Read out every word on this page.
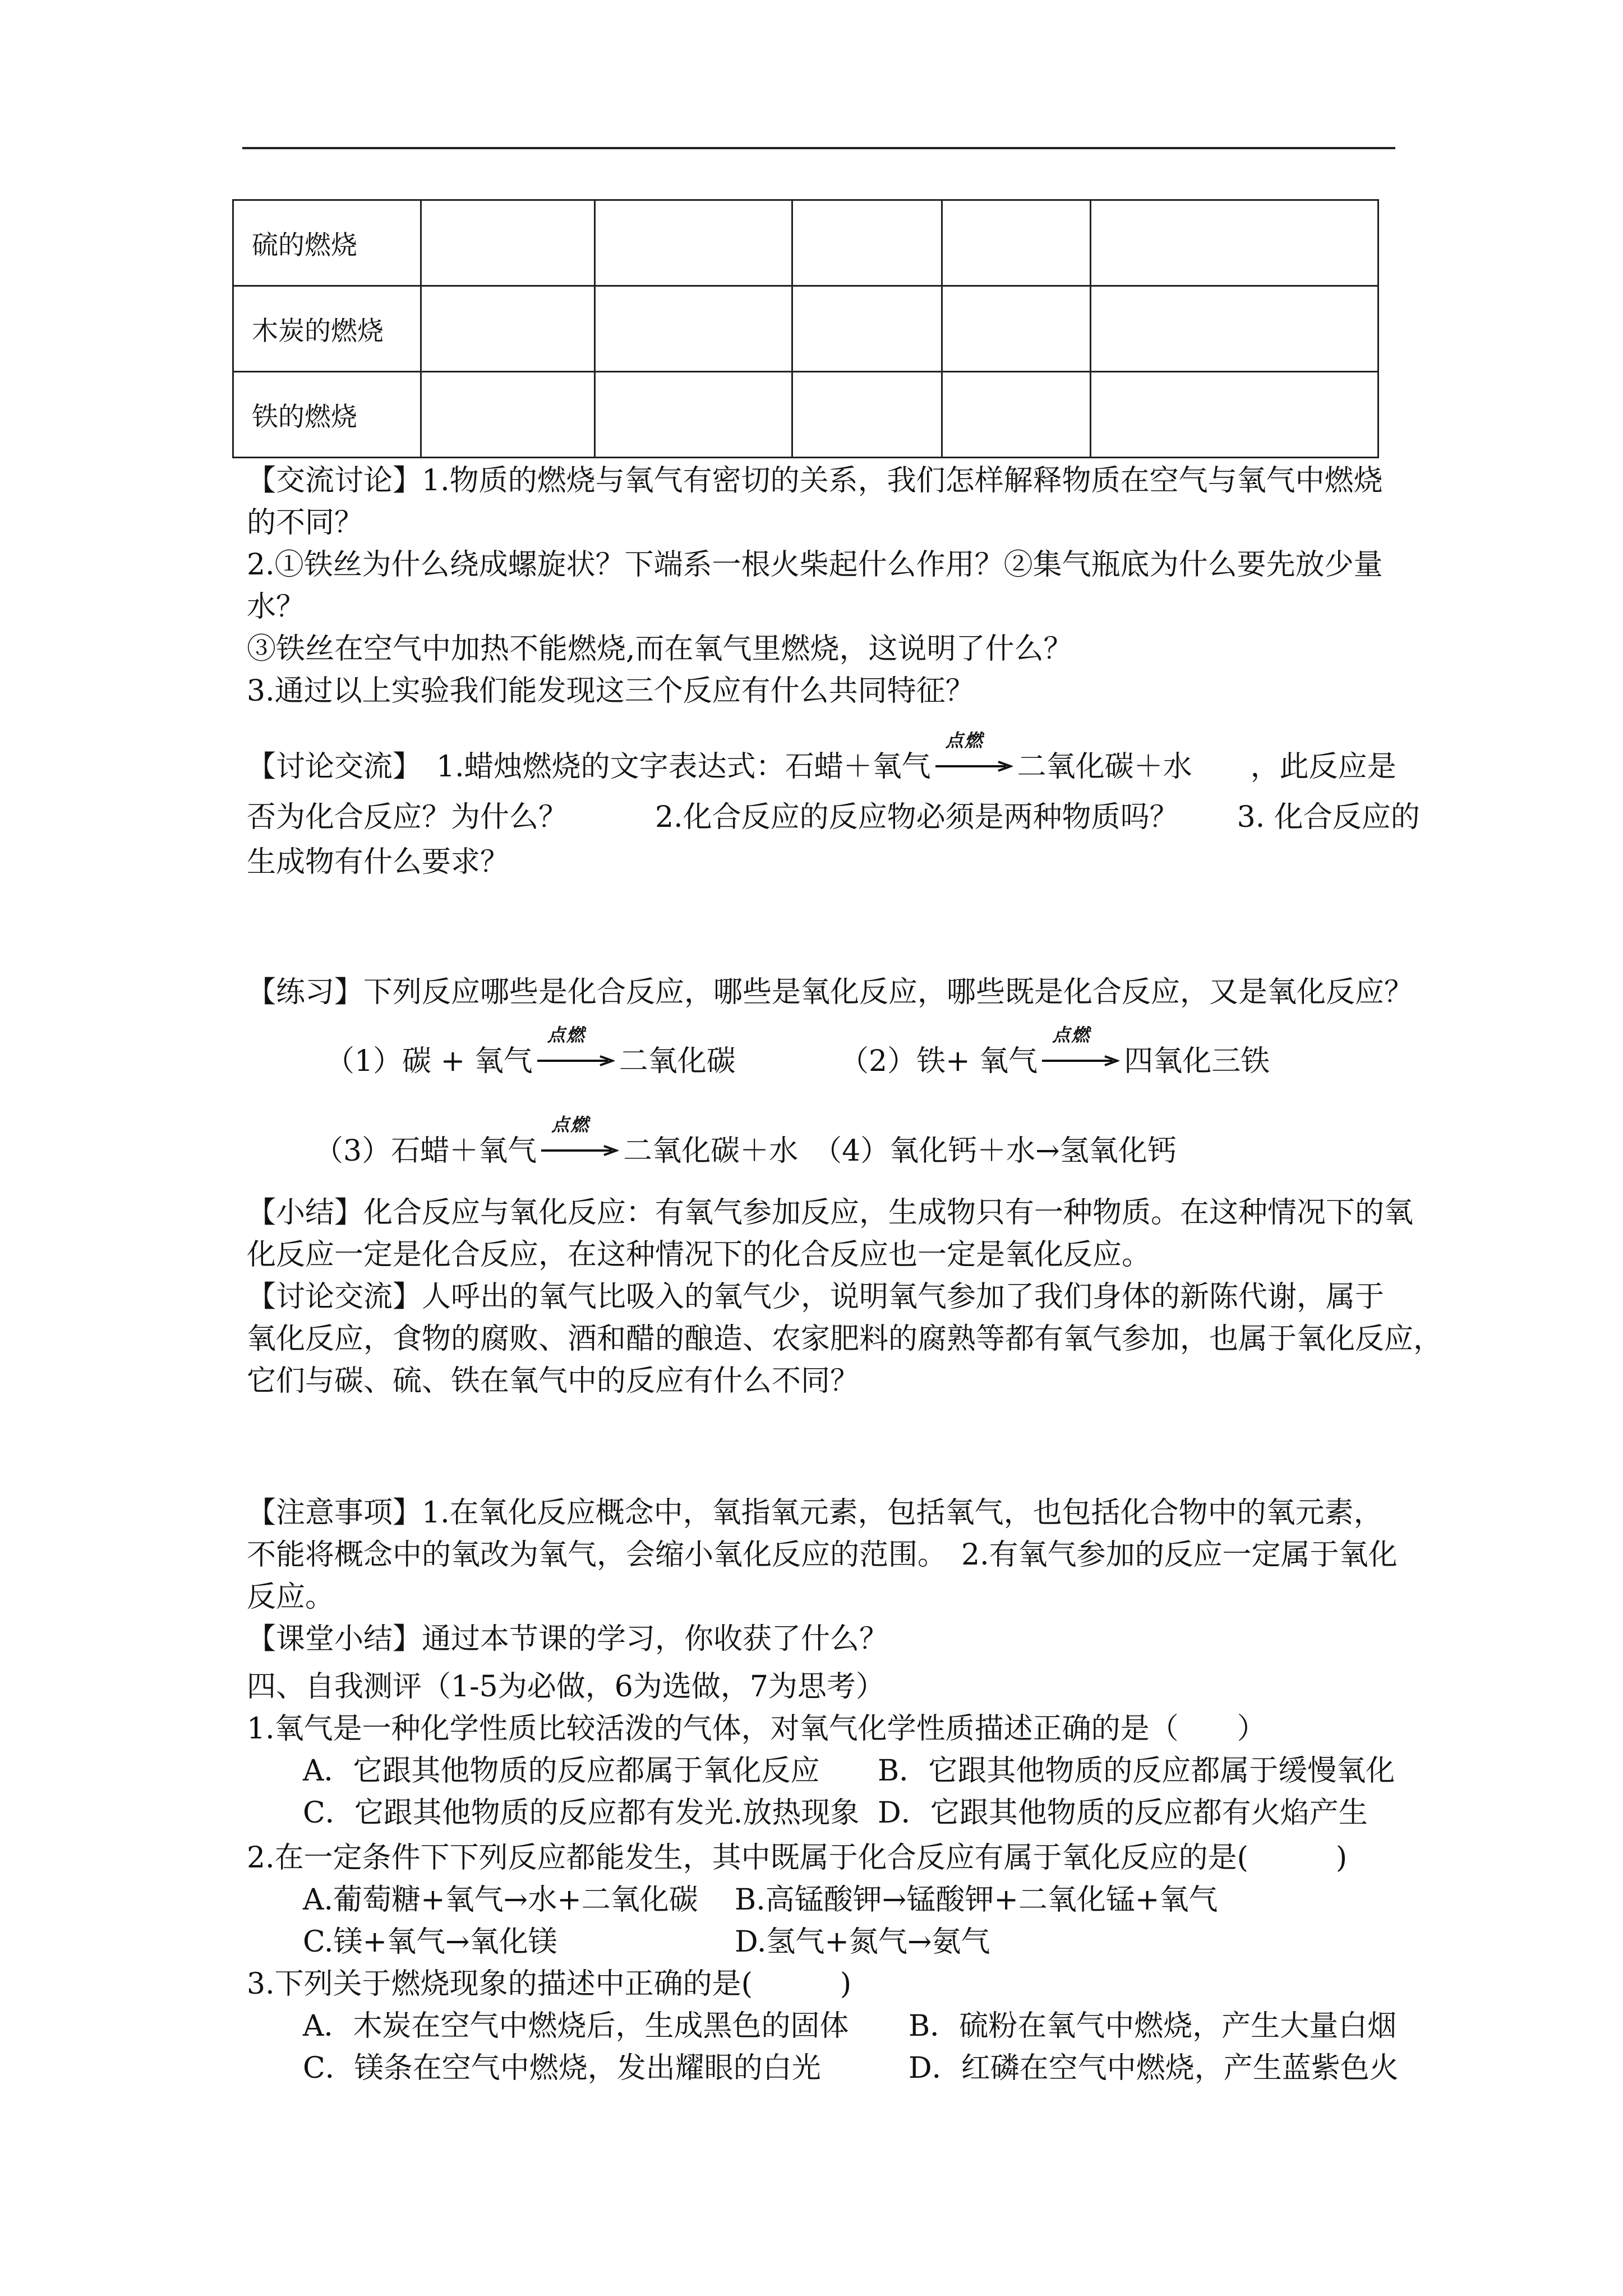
硫的燃烧					
木炭的燃烧					
铁的燃烧					
【交流讨论】1.物质的燃烧与氧气有密切的关系，我们怎样解释物质在空气与氧气中燃烧
的不同？
2.①铁丝为什么绕成螺旋状？下端系一根火柴起什么作用？②集气瓶底为什么要先放少量
水？
③铁丝在空气中加热不能燃烧,而在氧气里燃烧，这说明了什么？
3.通过以上实验我们能发现这三个反应有什么共同特征？
【讨论交流】　1.蜡烛燃烧的文字表达式：石蜡＋氧气
点燃
二氧化碳＋水　　，此反应是
否为化合反应？为什么？　　　2.化合反应的反应物必须是两种物质吗？　　3. 化合反应的
生成物有什么要求？
【练习】下列反应哪些是化合反应，哪些是氧化反应，哪些既是化合反应，又是氧化反应？
（1）碳 + 氧气
点燃
二氧化碳	（2）铁+ 氧气
点燃
四氧化三铁
（3）石蜡＋氧气
点燃
二氧化碳＋水　（4）氧化钙＋水→氢氧化钙
【小结】化合反应与氧化反应：有氧气参加反应，生成物只有一种物质。在这种情况下的氧
化反应一定是化合反应，在这种情况下的化合反应也一定是氧化反应。
【讨论交流】人呼出的氧气比吸入的氧气少，说明氧气参加了我们身体的新陈代谢，属于
氧化反应，食物的腐败、酒和醋的酿造、农家肥料的腐熟等都有氧气参加，也属于氧化反应，
它们与碳、硫、铁在氧气中的反应有什么不同？
【注意事项】1.在氧化反应概念中，氧指氧元素，包括氧气，也包括化合物中的氧元素，
不能将概念中的氧改为氧气，会缩小氧化反应的范围。　2.有氧气参加的反应一定属于氧化
反应。
【课堂小结】通过本节课的学习，你收获了什么？
四、自我测评（1-5为必做，6为选做，7为思考）
1.氧气是一种化学性质比较活泼的气体，对氧气化学性质描述正确的是（　　）
A．它跟其他物质的反应都属于氧化反应 B．它跟其他物质的反应都属于缓慢氧化
C．它跟其他物质的反应都有发光.放热现象 D．它跟其他物质的反应都有火焰产生
2.在一定条件下下列反应都能发生，其中既属于化合反应有属于氧化反应的是(　　　)
A.葡萄糖+氧气→水+二氧化碳 B.高锰酸钾→锰酸钾+二氧化锰+氧气
C.镁+氧气→氧化镁	D.氢气+氮气→氨气
3.下列关于燃烧现象的描述中正确的是(　　　)
A．木炭在空气中燃烧后，生成黑色的固体 B．硫粉在氧气中燃烧，产生大量白烟
C．镁条在空气中燃烧，发出耀眼的白光	D．红磷在空气中燃烧，产生蓝紫色火
